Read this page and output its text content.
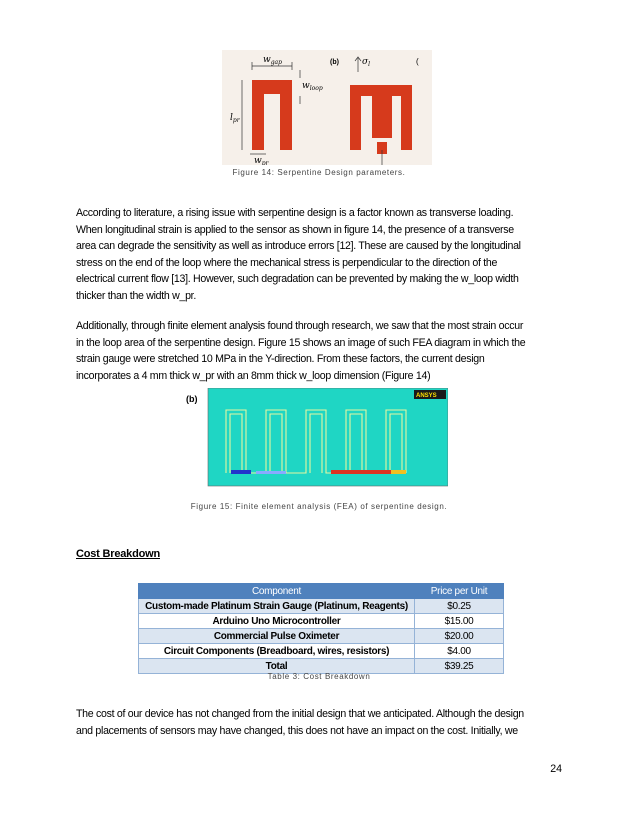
$w_{gap}$
$w_{loop}$
$l_{pr}$
$w_{pr}$
(b)	$\sigma_l$	(
Figure 14: Serpentine Design parameters.
According to literature, a rising issue with serpentine design is a factor known as transverse loading.
When longitudinal strain is applied to the sensor as shown in figure 14, the presence of a transverse
area can degrade the sensitivity as well as introduce errors [12]. These are caused by the longitudinal
stress on the end of the loop where the mechanical stress is perpendicular to the direction of the
electrical current flow [13]. However, such degradation can be prevented by making the w_loop width
thicker than the width w_pr.
Additionally, through finite element analysis found through research, we saw that the most strain occur
in the loop area of the serpentine design. Figure 15 shows an image of such FEA diagram in which the
strain gauge were stretched 10 MPa in the Y-direction. From these factors, the current design
incorporates a 4 mm thick w_pr with an 8mm thick w_loop dimension (Figure 14)
(b)	ANSYS
Figure 15: Finite element analysis (FEA) of serpentine design.
Cost Breakdown
Component	Price per Unit
Custom-made Platinum Strain Gauge (Platinum, Reagents)	$0.25
Arduino Uno Microcontroller	$15.00
Commercial Pulse Oximeter	$20.00
Circuit Components (Breadboard, wires, resistors)	$4.00
Total	$39.25
Table 3: Cost Breakdown
The cost of our device has not changed from the initial design that we anticipated. Although the design
and placements of sensors may have changed, this does not have an impact on the cost. Initially, we
24
